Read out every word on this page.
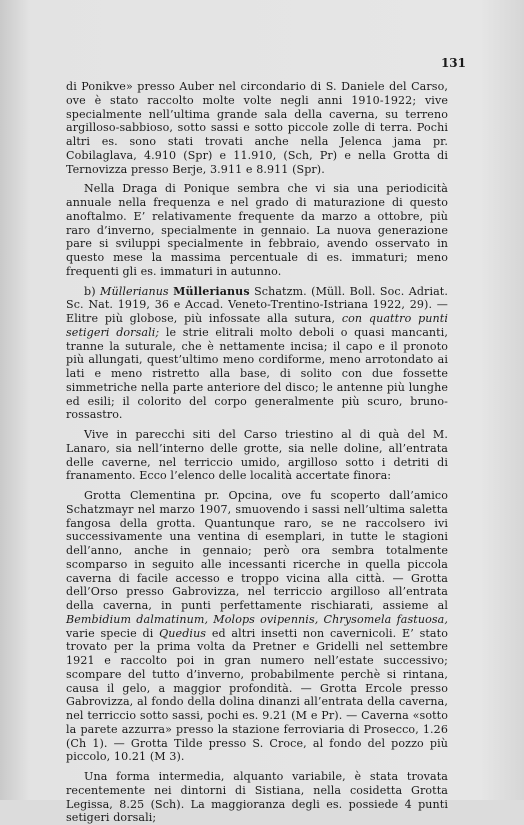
131

di Ponikve» presso Auber nel circondario di S. Daniele del Carso, ove è stato raccolto molte volte negli anni 1910-1922; vive specialmente nell’ultima grande sala della caverna, su terreno argilloso-sabbioso, sotto sassi e sotto piccole zolle di terra. Pochi altri es. sono stati trovati anche nella Jelenca jama pr. Cobilaglava, 4.910 (Spr) e 11.910, (Sch, Pr) e nella Grotta di Ternovizza presso Berje, 3.911 e 8.911 (Spr).

Nella Draga di Ponique sembra che vi sia una periodicità annuale nella frequenza e nel grado di maturazione di questo anoftalmo. E’ relativamente frequente da marzo a ottobre, più raro d’inverno, specialmente in gennaio. La nuova generazione pare si sviluppi specialmente in febbraio, avendo osservato in questo mese la massima percentuale di es. immaturi; meno frequenti gli es. immaturi in autunno.

b) Müllerianus Müllerianus Schatzm. (Müll. Boll. Soc. Adriat. Sc. Nat. 1919, 36 e Accad. Veneto-Trentino-Istriana 1922, 29). — Elitre più globose, più infossate alla sutura, con quattro punti setigeri dorsali; le strie elitrali molto deboli o quasi mancanti, tranne la suturale, che è nettamente incisa; il capo e il pronoto più allungati, quest’ultimo meno cordiforme, meno arrotondato ai lati e meno ristretto alla base, di solito con due fossette simmetriche nella parte anteriore del disco; le antenne più lunghe ed esili; il colorito del corpo generalmente più scuro, bruno-rossastro.

Vive in parecchi siti del Carso triestino al di quà del M. Lanaro, sia nell’interno delle grotte, sia nelle doline, all’entrata delle caverne, nel terriccio umido, argilloso sotto i detriti di franamento. Ecco l’elenco delle località accertate finora:

Grotta Clementina pr. Opcina, ove fu scoperto dall’amico Schatzmayr nel marzo 1907, smuovendo i sassi nell’ultima saletta fangosa della grotta. Quantunque raro, se ne raccolsero ivi successivamente una ventina di esemplari, in tutte le stagioni dell’anno, anche in gennaio; però ora sembra totalmente scomparso in seguito alle incessanti ricerche in quella piccola caverna di facile accesso e troppo vicina alla città. — Grotta dell’Orso presso Gabrovizza, nel terriccio argilloso all’entrata della caverna, in punti perfettamente rischiarati, assieme al Bembidium dalmatinum, Molops ovipennis, Chrysomela fastuosa, varie specie di Quedius ed altri insetti non cavernicoli. E’ stato trovato per la prima volta da Pretner e Gridelli nel settembre 1921 e raccolto poi in gran numero nell’estate successivo; scompare del tutto d’inverno, probabilmente perchè si rintana, causa il gelo, a maggior profondità. — Grotta Ercole presso Gabrovizza, al fondo della dolina dinanzi all’entrata della caverna, nel terriccio sotto sassi, pochi es. 9.21 (M e Pr). — Caverna «sotto la parete azzurra» presso la stazione ferroviaria di Prosecco, 1.26 (Ch 1). — Grotta Tilde presso S. Croce, al fondo del pozzo più piccolo, 10.21 (M 3).

Una forma intermedia, alquanto variabile, è stata trovata recentemente nei dintorni di Sistiana, nella cosidetta Grotta Legissa, 8.25 (Sch). La maggioranza degli es. possiede 4 punti setigeri dorsali;
